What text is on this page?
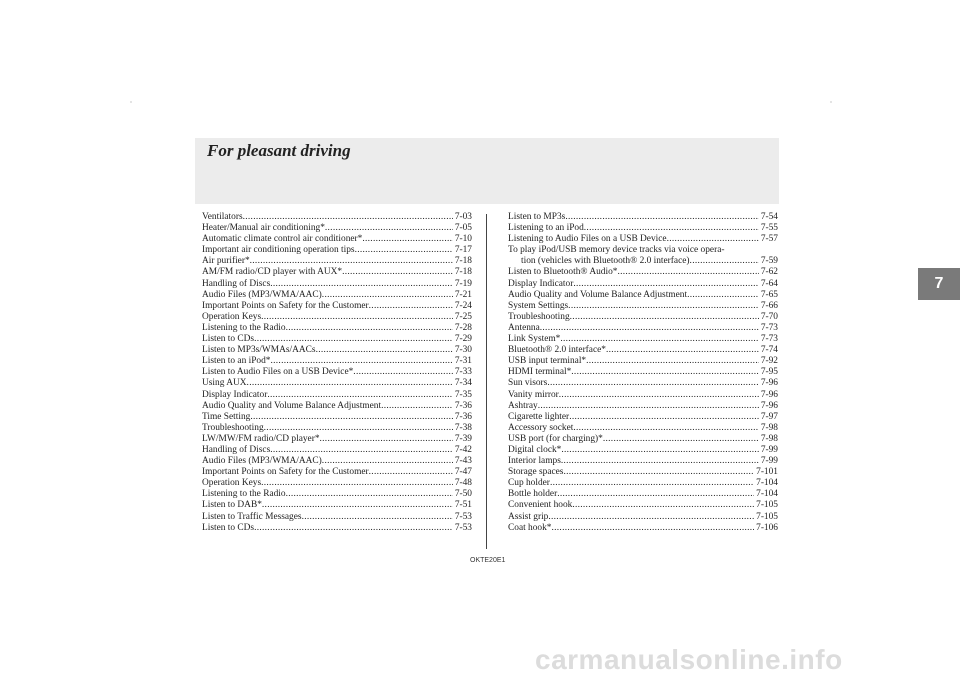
For pleasant driving
7
Ventilators .....	7-03
Heater/Manual air conditioning* .....	7-05
Automatic climate control air conditioner* .....	7-10
Important air conditioning operation tips .....	7-17
Air purifier* .....	7-18
AM/FM radio/CD player with AUX* .....	7-18
Handling of Discs .....	7-19
Audio Files (MP3/WMA/AAC) .....	7-21
Important Points on Safety for the Customer .....	7-24
Operation Keys .....	7-25
Listening to the Radio .....	7-28
Listen to CDs .....	7-29
Listen to MP3s/WMAs/AACs .....	7-30
Listen to an iPod* .....	7-31
Listen to Audio Files on a USB Device* .....	7-33
Using AUX .....	7-34
Display Indicator .....	7-35
Audio Quality and Volume Balance Adjustment .....	7-36
Time Setting .....	7-36
Troubleshooting .....	7-38
LW/MW/FM radio/CD player* .....	7-39
Handling of Discs .....	7-42
Audio Files (MP3/WMA/AAC) .....	7-43
Important Points on Safety for the Customer .....	7-47
Operation Keys .....	7-48
Listening to the Radio .....	7-50
Listen to DAB* .....	7-51
Listen to Traffic Messages .....	7-53
Listen to CDs .....	7-53
Listen to MP3s .....	7-54
Listening to an iPod .....	7-55
Listening to Audio Files on a USB Device .....	7-57
To play iPod/USB memory device tracks via voice opera-
tion (vehicles with Bluetooth® 2.0 interface) .....	7-59
Listen to Bluetooth® Audio* .....	7-62
Display Indicator .....	7-64
Audio Quality and Volume Balance Adjustment .....	7-65
System Settings .....	7-66
Troubleshooting .....	7-70
Antenna .....	7-73
Link System* .....	7-73
Bluetooth® 2.0 interface* .....	7-74
USB input terminal* .....	7-92
HDMI terminal* .....	7-95
Sun visors .....	7-96
Vanity mirror .....	7-96
Ashtray .....	7-96
Cigarette lighter .....	7-97
Accessory socket .....	7-98
USB port (for charging)* .....	7-98
Digital clock* .....	7-99
Interior lamps .....	7-99
Storage spaces .....	7-101
Cup holder .....	7-104
Bottle holder .....	7-104
Convenient hook .....	7-105
Assist grip .....	7-105
Coat hook* .....	7-106
OKTE20E1
carmanualsonline.info
